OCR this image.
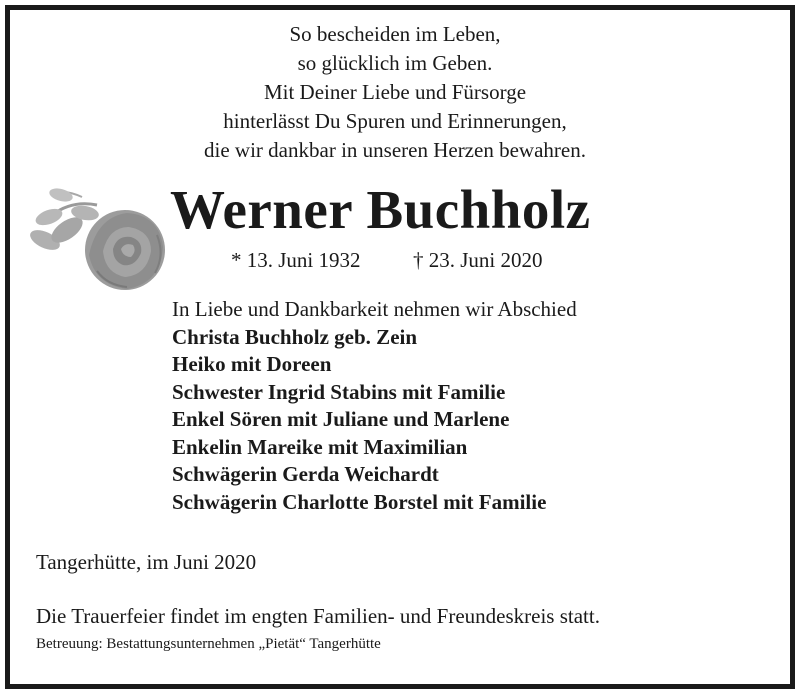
So bescheiden im Leben,
so glücklich im Geben.
Mit Deiner Liebe und Fürsorge
hinterlässt Du Spuren und Erinnerungen,
die wir dankbar in unseren Herzen bewahren.
Werner Buchholz
* 13. Juni 1932 † 23. Juni 2020
In Liebe und Dankbarkeit nehmen wir Abschied
Christa Buchholz geb. Zein
Heiko mit Doreen
Schwester Ingrid Stabins mit Familie
Enkel Sören mit Juliane und Marlene
Enkelin Mareike mit Maximilian
Schwägerin Gerda Weichardt
Schwägerin Charlotte Borstel mit Familie
Tangerhütte, im Juni 2020
Die Trauerfeier findet im engten Familien- und Freundeskreis statt.
Betreuung: Bestattungsunternehmen „Pietät“ Tangerhütte
